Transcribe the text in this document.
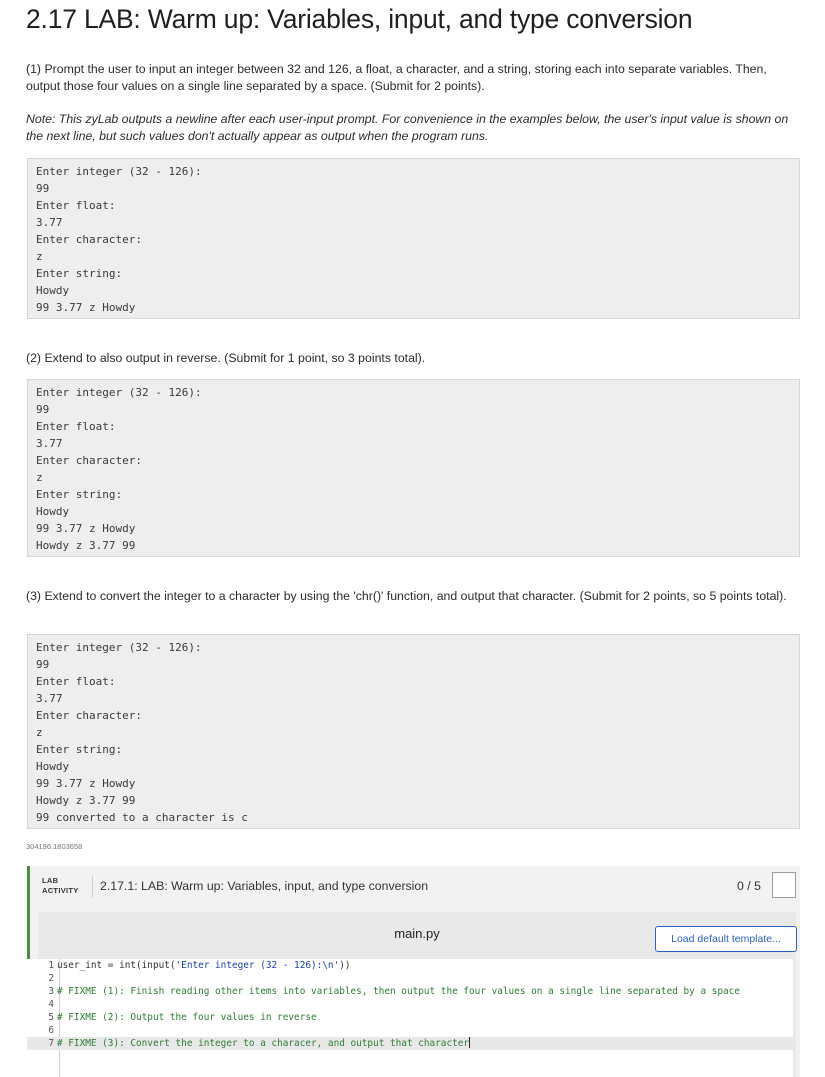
2.17 LAB: Warm up: Variables, input, and type conversion
(1) Prompt the user to input an integer between 32 and 126, a float, a character, and a string, storing each into separate variables. Then, output those four values on a single line separated by a space. (Submit for 2 points).
Note: This zyLab outputs a newline after each user-input prompt. For convenience in the examples below, the user's input value is shown on the next line, but such values don't actually appear as output when the program runs.
Enter integer (32 - 126):
99
Enter float:
3.77
Enter character:
z
Enter string:
Howdy
99 3.77 z Howdy
(2) Extend to also output in reverse. (Submit for 1 point, so 3 points total).
Enter integer (32 - 126):
99
Enter float:
3.77
Enter character:
z
Enter string:
Howdy
99 3.77 z Howdy
Howdy z 3.77 99
(3) Extend to convert the integer to a character by using the 'chr()' function, and output that character. (Submit for 2 points, so 5 points total).
Enter integer (32 - 126):
99
Enter float:
3.77
Enter character:
z
Enter string:
Howdy
99 3.77 z Howdy
Howdy z 3.77 99
99 converted to a character is c
304196.1803658
LAB
ACTIVITY 2.17.1: LAB: Warm up: Variables, input, and type conversion	0 / 5
main.py	Load default template...
1 user_int = int(input('Enter integer (32 - 126):\n'))
2
3 # FIXME (1): Finish reading other items into variables, then output the four values on a single line separated by a space
4
5 # FIXME (2): Output the four values in reverse
6
7 # FIXME (3): Convert the integer to a characer, and output that character
